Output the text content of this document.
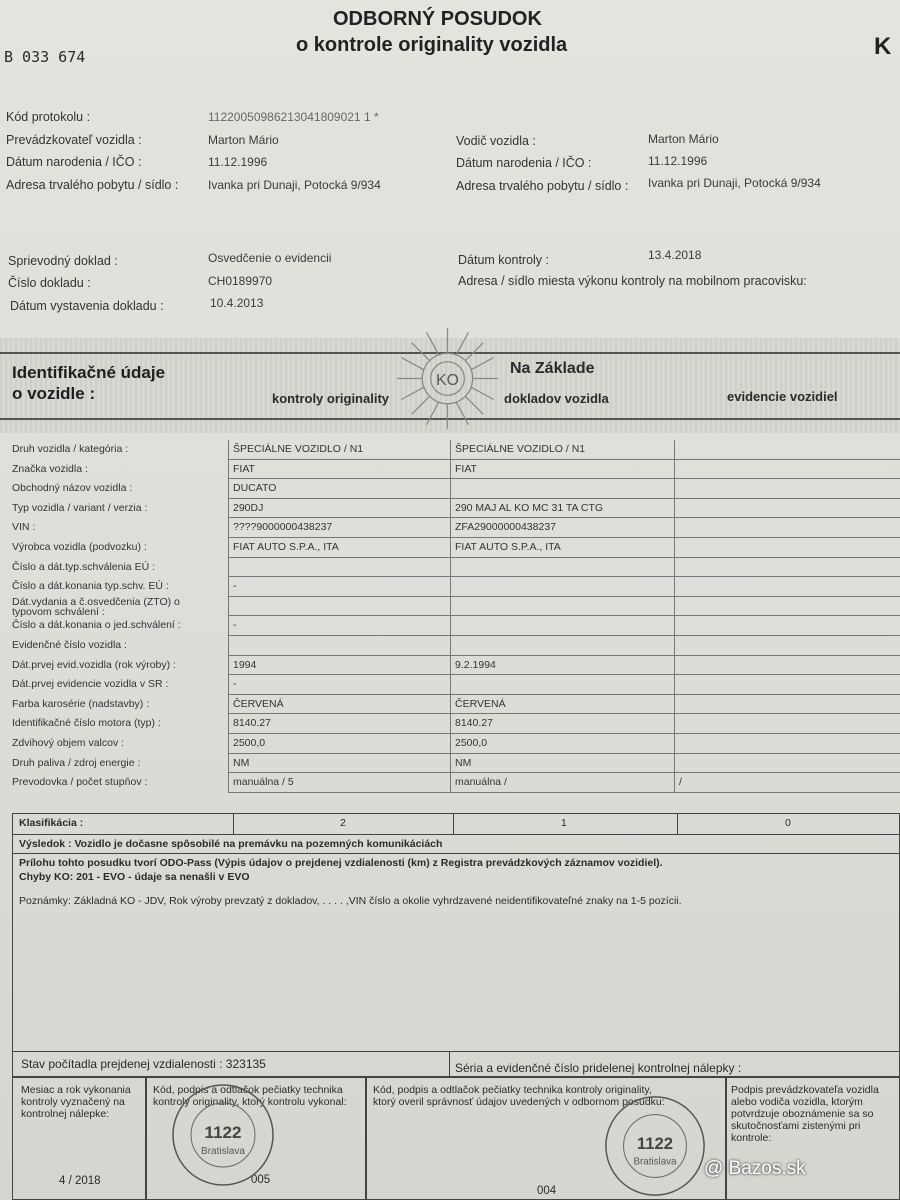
ODBORNÝ POSUDOK
o kontrole originality vozidla
B 033 674	K
Kód protokolu :	11220050986213041809021 1 *
Prevádzkovateľ vozidla :	Marton Mário
Dátum narodenia / IČO :	11.12.1996
Adresa trvalého pobytu / sídlo : Ivanka pri Dunaji, Potocká 9/934
Vodič vozidla :	Marton Mário
Dátum narodenia / IČO :	11.12.1996
Adresa trvalého pobytu / sídlo : Ivanka pri Dunaji, Potocká 9/934
Sprievodný doklad :	Osvedčenie o evidencii
Číslo dokladu :	CH0189970
Dátum vystavenia dokladu :	10.4.2013
Dátum kontroly :	13.4.2018
Adresa / sídlo miesta výkonu kontroly na mobilnom pracovisku:
Identifikačné údaje
o vozidle :	kontroly originality
Na Základe
dokladov vozidla	evidencie vozidiel
KO
Druh vozidla / kategória :	ŠPECIÁLNE VOZIDLO / N1	ŠPECIÁLNE VOZIDLO / N1
Značka vozidla :	FIAT	FIAT
Obchodný názov vozidla :	DUCATO
Typ vozidla / variant / verzia :	290DJ	290 MAJ AL KO MC 31 TA CTG
VIN :	????9000000438237	ZFA29000000438237
Výrobca vozidla (podvozku) :	FIAT AUTO S.P.A., ITA	FIAT AUTO S.P.A., ITA
Číslo a dát.typ.schválenia EÚ :
Číslo a dát.konania typ.schv. EÚ :	-
Dát.vydania a č.osvedčenia (ZTO) o typovom schválení :
Číslo a dát.konania o jed.schválení :	-
Evidenčné číslo vozidla :
Dát.prvej evid.vozidla (rok výroby) :	1994	9.2.1994
Dát.prvej evidencie vozidla v SR :	-
Farba karosérie (nadstavby) :	ČERVENÁ	ČERVENÁ
Identifikačné číslo motora (typ) :	8140.27	8140.27
Zdvihový objem valcov :	2500,0	2500,0
Druh paliva / zdroj energie :	NM	NM
Prevodovka / počet stupňov :	manuálna / 5	manuálna /	/
Klasifikácia :	2	1	0
Výsledok : Vozidlo je dočasne spôsobilé na premávku na pozemných komunikáciách
Prílohu tohto posudku tvorí ODO-Pass (Výpis údajov o prejdenej vzdialenosti (km) z Registra prevádzkových záznamov vozidiel).
Chyby KO: 201 - EVO - údaje sa nenašli v EVO
Poznámky: Základná KO - JDV, Rok výroby prevzatý z dokladov, . . . . ,VIN číslo a okolie vyhrdzavené neidentifikovateľné znaky na 1-5 pozícii.
Stav počítadla prejdenej vzdialenosti : 323135	Séria a evidenčné číslo pridelenej kontrolnej nálepky :
Mesiac a rok vykonania kontroly vyznačený na kontrolnej nálepke:
4 / 2018
Kód, podpis a odtlačok pečiatky technika kontroly originality, ktorý kontrolu vykonal:
005
Kód, podpis a odtlačok pečiatky technika kontroly originality, ktorý overil správnosť údajov uvedených v odbornom posudku:
004
Podpis prevádzkovateľa vozidla alebo vodiča vozidla, ktorým potvrdzuje oboznámenie sa so skutočnosťami zistenými pri kontrole:
1122
Bratislava	1122
Bratislava @ Bazos.sk
